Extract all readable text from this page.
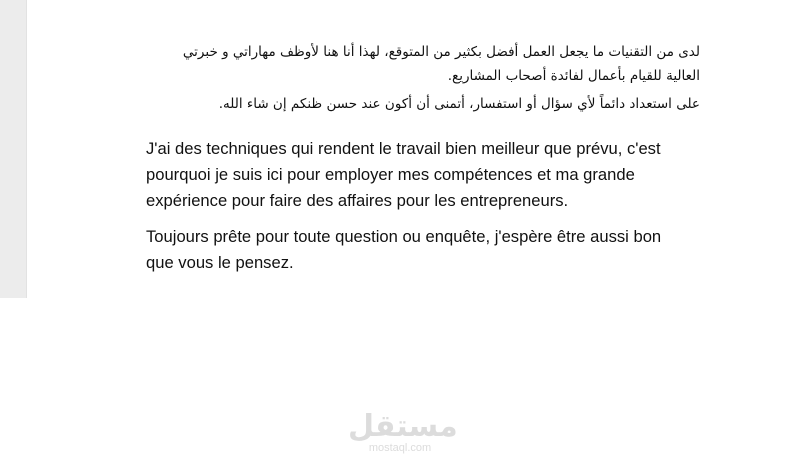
لدى من التقنيات ما يجعل العمل أفضل بكثير من المتوقع، لهذا أنا هنا لأوظف مهاراتي و خبرتي العالية للقيام بأعمال لفائدة أصحاب المشاريع.

على استعداد دائماً لأي سؤال أو استفسار، أتمنى أن أكون عند حسن ظنكم إن شاء الله.

J'ai des techniques qui rendent le travail bien meilleur que prévu, c'est pourquoi je suis ici pour employer mes compétences et ma grande expérience pour faire des affaires pour les entrepreneurs.

Toujours prête pour toute question ou enquête, j'espère être aussi bon que vous le pensez.

مستقل
mostaql.com
